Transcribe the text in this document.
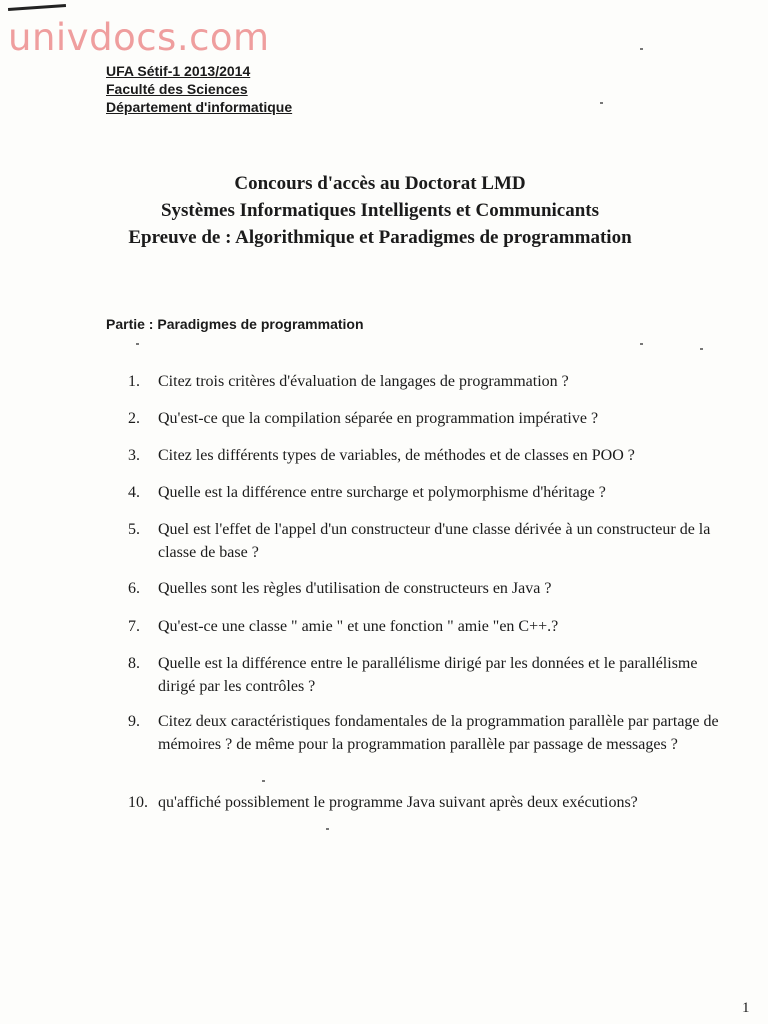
univdocs.com
UFA Sétif-1 2013/2014
Faculté des Sciences
Département d'informatique
Concours d'accès au Doctorat LMD
Systèmes Informatiques Intelligents et Communicants
Epreuve de : Algorithmique et Paradigmes de programmation
Partie : Paradigmes de programmation
1.	Citez trois critères d'évaluation de langages de programmation ?
2.	Qu'est-ce que la compilation séparée en programmation impérative ?
3.	Citez les différents types de variables, de méthodes et de classes en POO ?
4.	Quelle est la différence entre surcharge et polymorphisme d'héritage ?
5.	Quel est l'effet de l'appel d'un constructeur d'une classe dérivée à un constructeur de la classe de base ?
6.	Quelles sont les règles d'utilisation de constructeurs en Java ?
7.	Qu'est-ce une classe " amie " et une fonction " amie "en C++.?
8.	Quelle est la différence entre le parallélisme dirigé par les données et le parallélisme dirigé par les contrôles ?
9.	Citez deux caractéristiques fondamentales de la programmation parallèle par partage de mémoires ? de même pour la programmation parallèle par passage de messages ?
10. qu'affiché possiblement le programme Java suivant après deux exécutions?
1
